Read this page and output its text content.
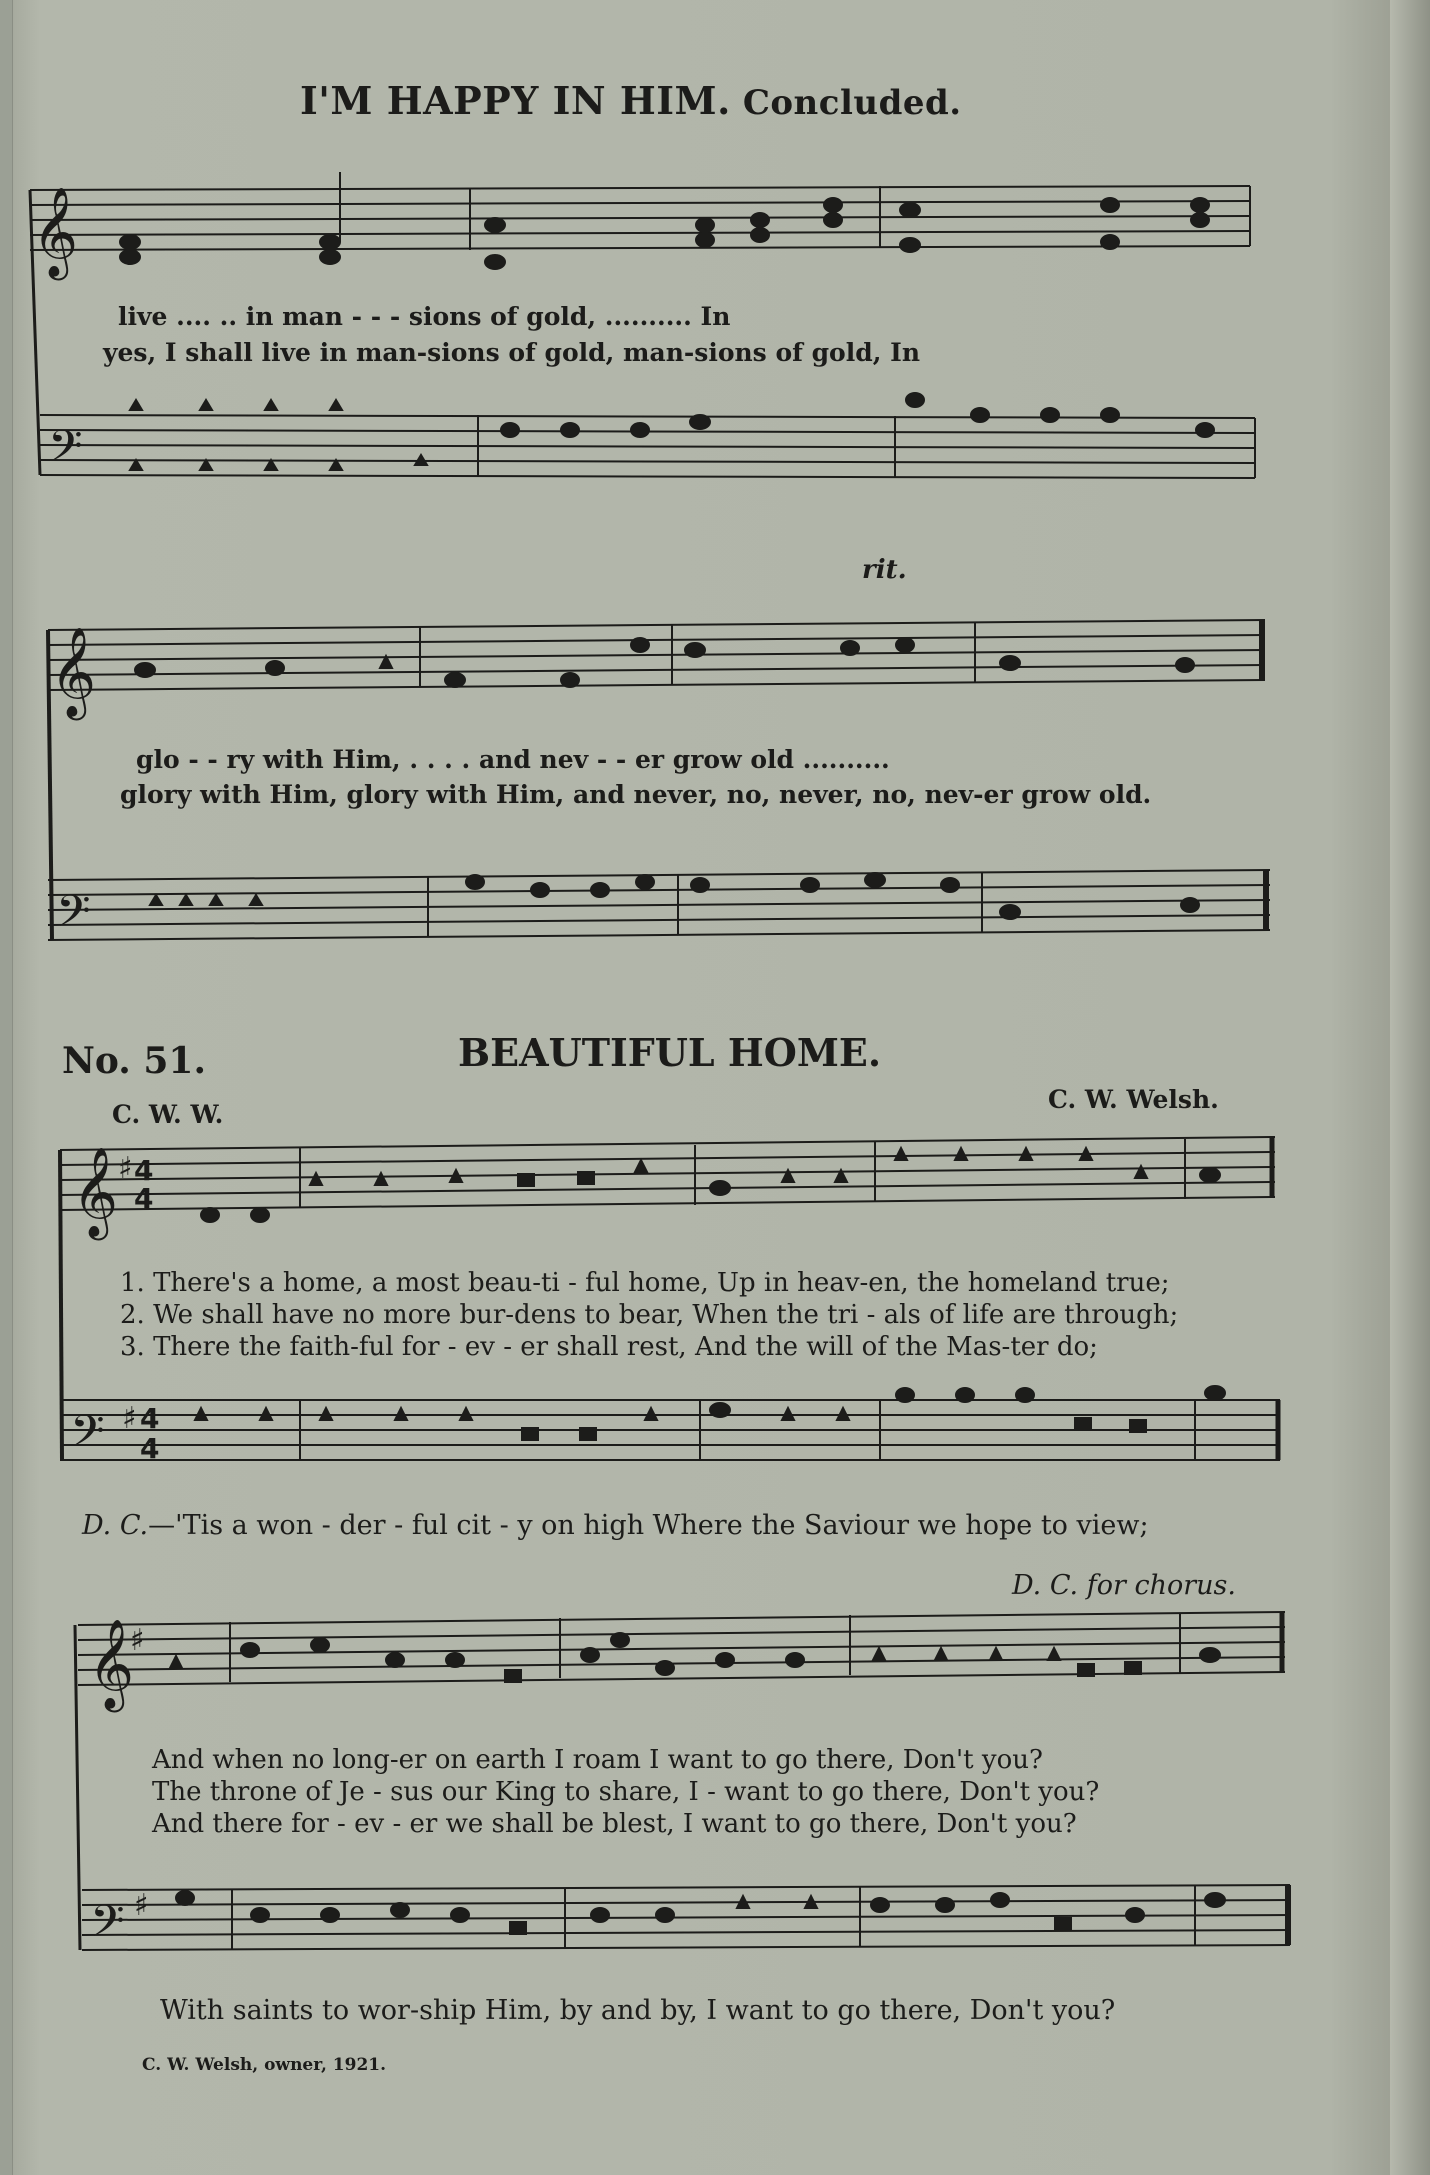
I'M HAPPY IN HIM. Concluded.
𝄞
𝄢
𝄞
𝄢
𝄞
𝄢
𝄞
𝄢
♯ 4
4
♯ 4
4
♯
♯
live .... .. in man - - - sions of gold, .......... In
yes, I shall live in man-sions of gold, man-sions of gold, In
rit.
glo - - ry with Him, . . . . and nev - - er grow old ..........
glory with Him, glory with Him, and never, no, never, no, nev-er grow old.
No. 51.	BEAUTIFUL HOME.
C. W. W.
C. W. Welsh.
1. There's a home, a most beau-ti - ful home, Up in heav-en, the homeland true;
2. We shall have no more bur-dens to bear, When the tri - als of life are through;
3. There the faith-ful for - ev - er shall rest, And the will of the Mas-ter do;
D. C.—'Tis a won - der - ful cit - y on high Where the Saviour we hope to view;
D. C. for chorus.
And when no long-er on earth I roam I want to go there, Don't you?
The throne of Je - sus our King to share, I - want to go there, Don't you?
And there for - ev - er we shall be blest, I want to go there, Don't you?
With saints to wor-ship Him, by and by, I want to go there, Don't you?
C. W. Welsh, owner, 1921.
